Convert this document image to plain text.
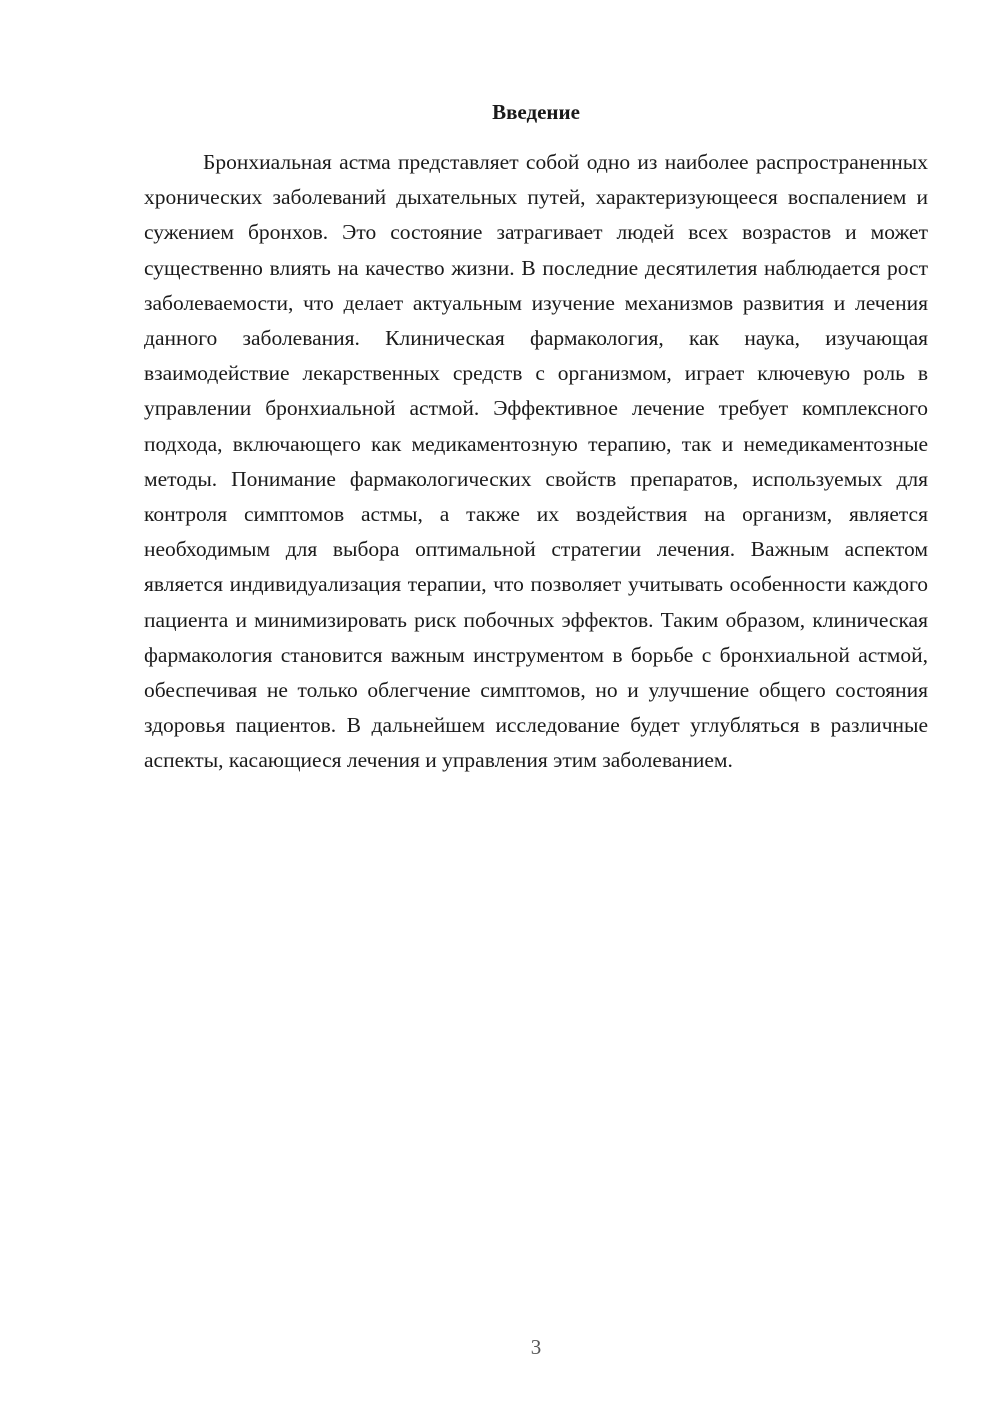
Введение

Бронхиальная астма представляет собой одно из наиболее распространенных хронических заболеваний дыхательных путей, характеризующееся воспалением и сужением бронхов. Это состояние затрагивает людей всех возрастов и может существенно влиять на качество жизни. В последние десятилетия наблюдается рост заболеваемости, что делает актуальным изучение механизмов развития и лечения данного заболевания. Клиническая фармакология, как наука, изучающая взаимодействие лекарственных средств с организмом, играет ключевую роль в управлении бронхиальной астмой. Эффективное лечение требует комплексного подхода, включающего как медикаментозную терапию, так и немедикаментозные методы. Понимание фармакологических свойств препаратов, используемых для контроля симптомов астмы, а также их воздействия на организм, является необходимым для выбора оптимальной стратегии лечения. Важным аспектом является индивидуализация терапии, что позволяет учитывать особенности каждого пациента и минимизировать риск побочных эффектов. Таким образом, клиническая фармакология становится важным инструментом в борьбе с бронхиальной астмой, обеспечивая не только облегчение симптомов, но и улучшение общего состояния здоровья пациентов. В дальнейшем исследование будет углубляться в различные аспекты, касающиеся лечения и управления этим заболеванием.

3
